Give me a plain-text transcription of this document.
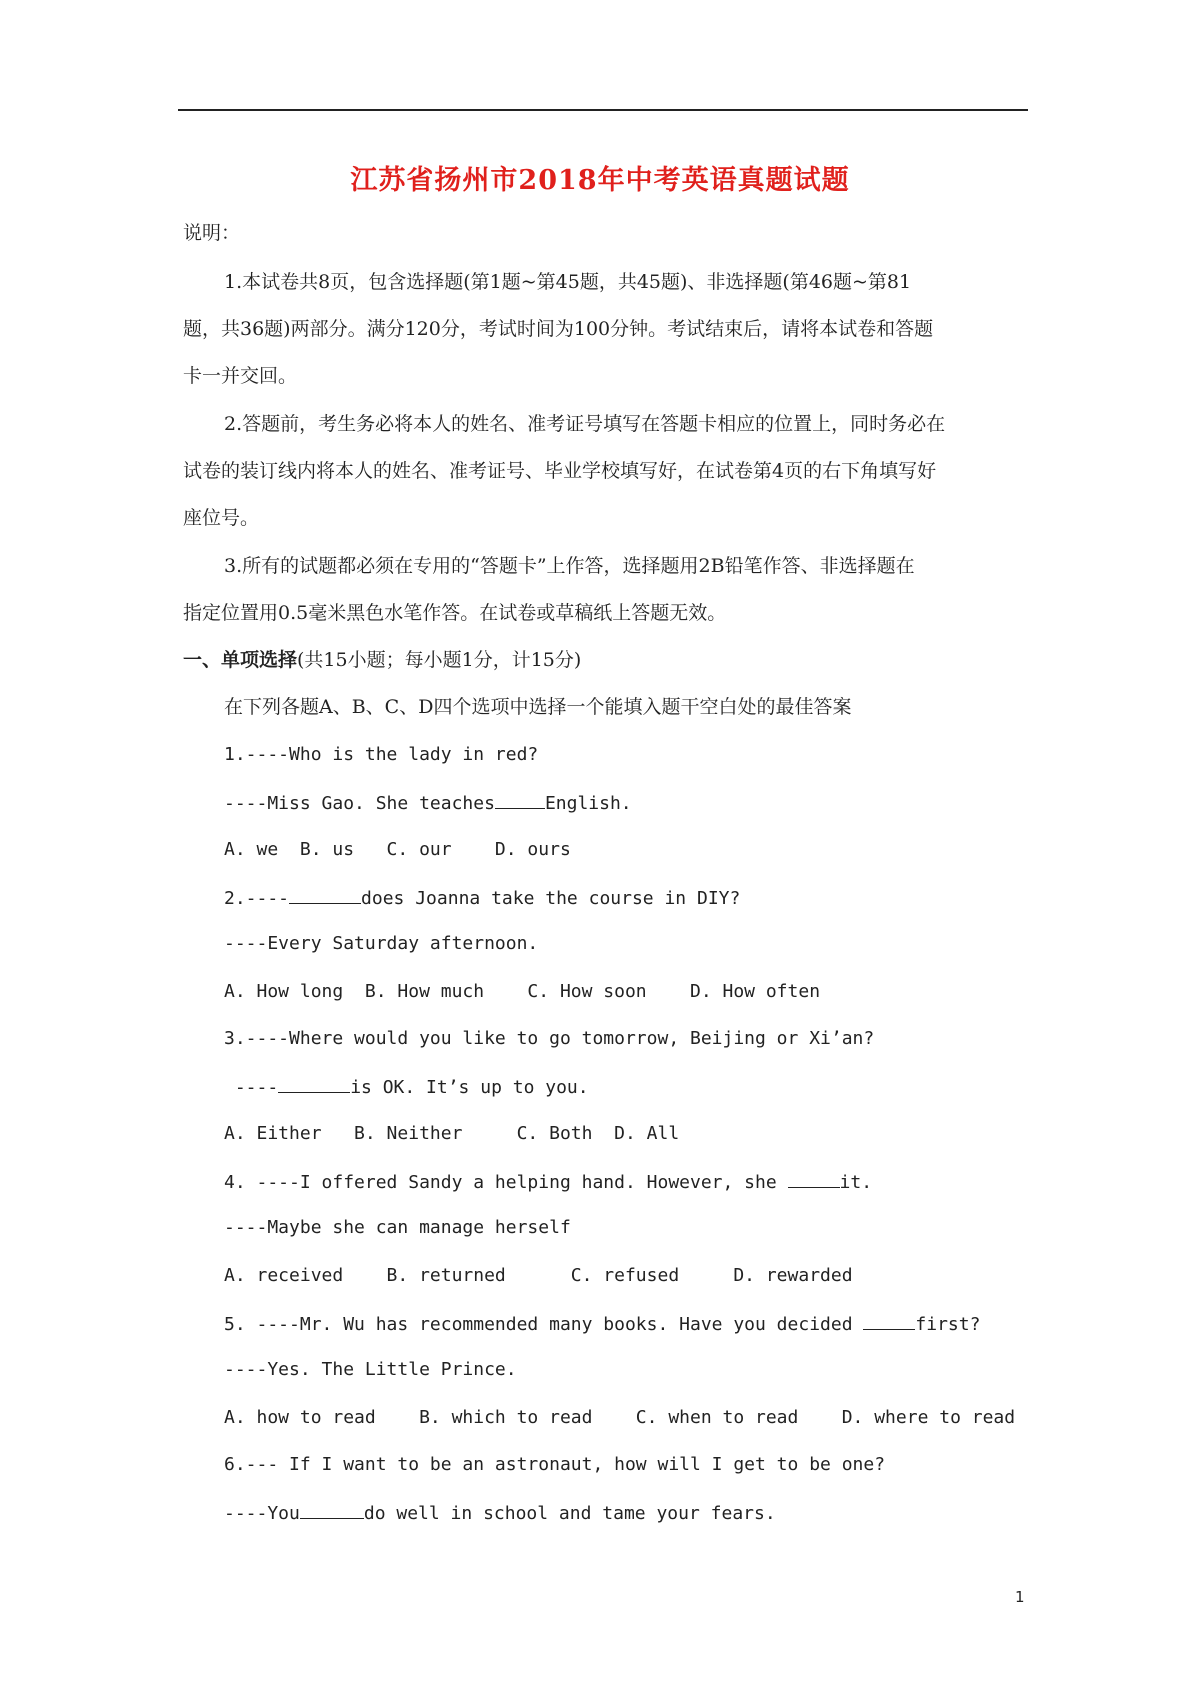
江苏省扬州市2018年中考英语真题试题
说明：
1.本试卷共8页，包含选择题(第1题~第45题，共45题)、非选择题(第46题~第81
题，共36题)两部分。满分120分，考试时间为100分钟。考试结束后，请将本试卷和答题
卡一并交回。
2.答题前，考生务必将本人的姓名、准考证号填写在答题卡相应的位置上，同时务必在
试卷的装订线内将本人的姓名、准考证号、毕业学校填写好，在试卷第4页的右下角填写好
座位号。
3.所有的试题都必须在专用的“答题卡”上作答，选择题用2B铅笔作答、非选择题在
指定位置用0.5毫米黑色水笔作答。在试卷或草稿纸上答题无效。
一、单项选择(共15小题；每小题1分，计15分)
在下列各题A、B、C、D四个选项中选择一个能填入题干空白处的最佳答案
1.----Who is the lady in red?
----Miss Gao. She teaches	English.
A. we  B. us   C. our    D. ours
2.----	does Joanna take the course in DIY?
----Every Saturday afternoon.
A. How long  B. How much    C. How soon    D. How often
3.----Where would you like to go tomorrow, Beijing or Xi’an?
----	is OK. It’s up to you.
A. Either   B. Neither     C. Both  D. All
4. ----I offered Sandy a helping hand. However, she	it.
----Maybe she can manage herself
A. received    B. returned      C. refused     D. rewarded
5. ----Mr. Wu has recommended many books. Have you decided	first?
----Yes. The Little Prince.
A. how to read    B. which to read    C. when to read    D. where to read
6.--- If I want to be an astronaut, how will I get to be one?
----You	do well in school and tame your fears.
1
